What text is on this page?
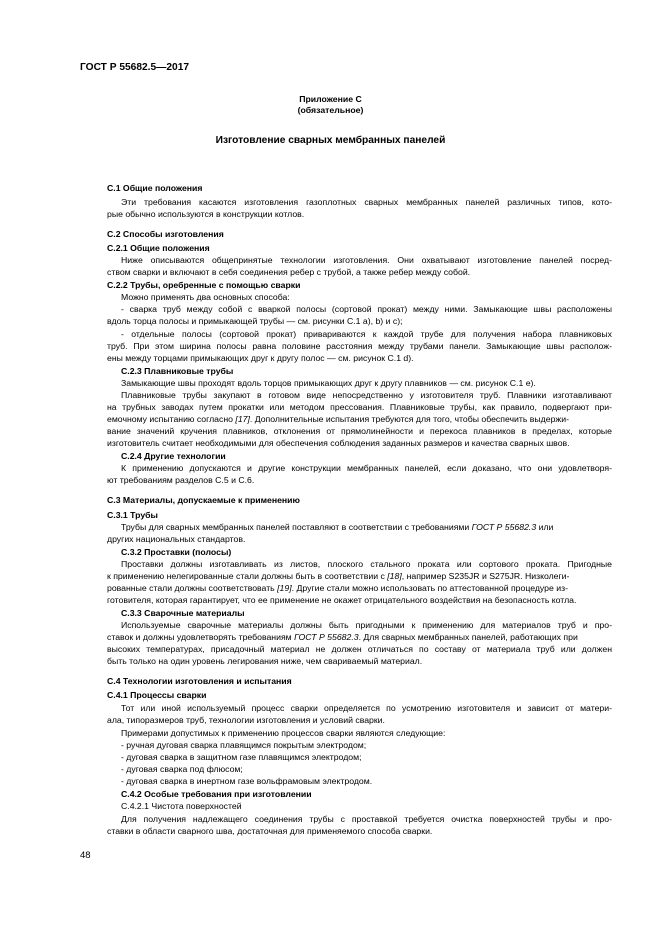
ГОСТ Р 55682.5—2017
Приложение С
(обязательное)
Изготовление сварных мембранных панелей
С.1 Общие положения
Эти требования касаются изготовления газоплотных сварных мембранных панелей различных типов, кото-
рые обычно используются в конструкции котлов.
С.2 Способы изготовления
С.2.1 Общие положения
Ниже описываются общепринятые технологии изготовления. Они охватывают изготовление панелей посред-
ством сварки и включают в себя соединения ребер с трубой, а также ребер между собой.
С.2.2 Трубы, оребренные с помощью сварки
Можно применять два основных способа:
- сварка труб между собой с вваркой полосы (сортовой прокат) между ними. Замыкающие швы расположены
вдоль торца полосы и примыкающей трубы — см. рисунки С.1 а), b) и с);
- отдельные полосы (сортовой прокат) привариваются к каждой трубе для получения набора плавниковых
труб. При этом ширина полосы равна половине расстояния между трубами панели. Замыкающие швы располож-
ены между торцами примыкающих друг к другу полос — см. рисунок С.1 d).
С.2.3 Плавниковые трубы
Замыкающие швы проходят вдоль торцов примыкающих друг к другу плавников — см. рисунок С.1 е).
Плавниковые трубы закупают в готовом виде непосредственно у изготовителя труб. Плавники изготавливают
на трубных заводах путем прокатки или методом прессования. Плавниковые трубы, как правило, подвергают при-
емочному испытанию согласно [17]. Дополнительные испытания требуются для того, чтобы обеспечить выдержи-
вание значений кручения плавников, отклонения от прямолинейности и перекоса плавников в пределах, которые
изготовитель считает необходимыми для обеспечения соблюдения заданных размеров и качества сварных швов.
С.2.4 Другие технологии
К применению допускаются и другие конструкции мембранных панелей, если доказано, что они удовлетворя-
ют требованиям разделов С.5 и С.6.
С.3 Материалы, допускаемые к применению
С.3.1 Трубы
Трубы для сварных мембранных панелей поставляют в соответствии с требованиями ГОСТ Р 55682.3 или
других национальных стандартов.
С.3.2 Проставки (полосы)
Проставки должны изготавливать из листов, плоского стального проката или сортового проката. Пригодные
к применению нелегированные стали должны быть в соответствии с [18], например S235JR и S275JR. Низколеги-
рованные стали должны соответствовать [19]. Другие стали можно использовать по аттестованной процедуре из-
готовителя, которая гарантирует, что ее применение не окажет отрицательного воздействия на безопасность котла.
С.3.3 Сварочные материалы
Используемые сварочные материалы должны быть пригодными к применению для материалов труб и про-
ставок и должны удовлетворять требованиям ГОСТ Р 55682.3. Для сварных мембранных панелей, работающих при
высоких температурах, присадочный материал не должен отличаться по составу от материала труб или должен
быть только на один уровень легирования ниже, чем свариваемый материал.
С.4 Технологии изготовления и испытания
С.4.1 Процессы сварки
Тот или иной используемый процесс сварки определяется по усмотрению изготовителя и зависит от матери-
ала, типоразмеров труб, технологии изготовления и условий сварки.
Примерами допустимых к применению процессов сварки являются следующие:
- ручная дуговая сварка плавящимся покрытым электродом;
- дуговая сварка в защитном газе плавящимся электродом;
- дуговая сварка под флюсом;
- дуговая сварка в инертном газе вольфрамовым электродом.
С.4.2 Особые требования при изготовлении
С.4.2.1 Чистота поверхностей
Для получения надлежащего соединения трубы с проставкой требуется очистка поверхностей трубы и про-
ставки в области сварного шва, достаточная для применяемого способа сварки.
48
